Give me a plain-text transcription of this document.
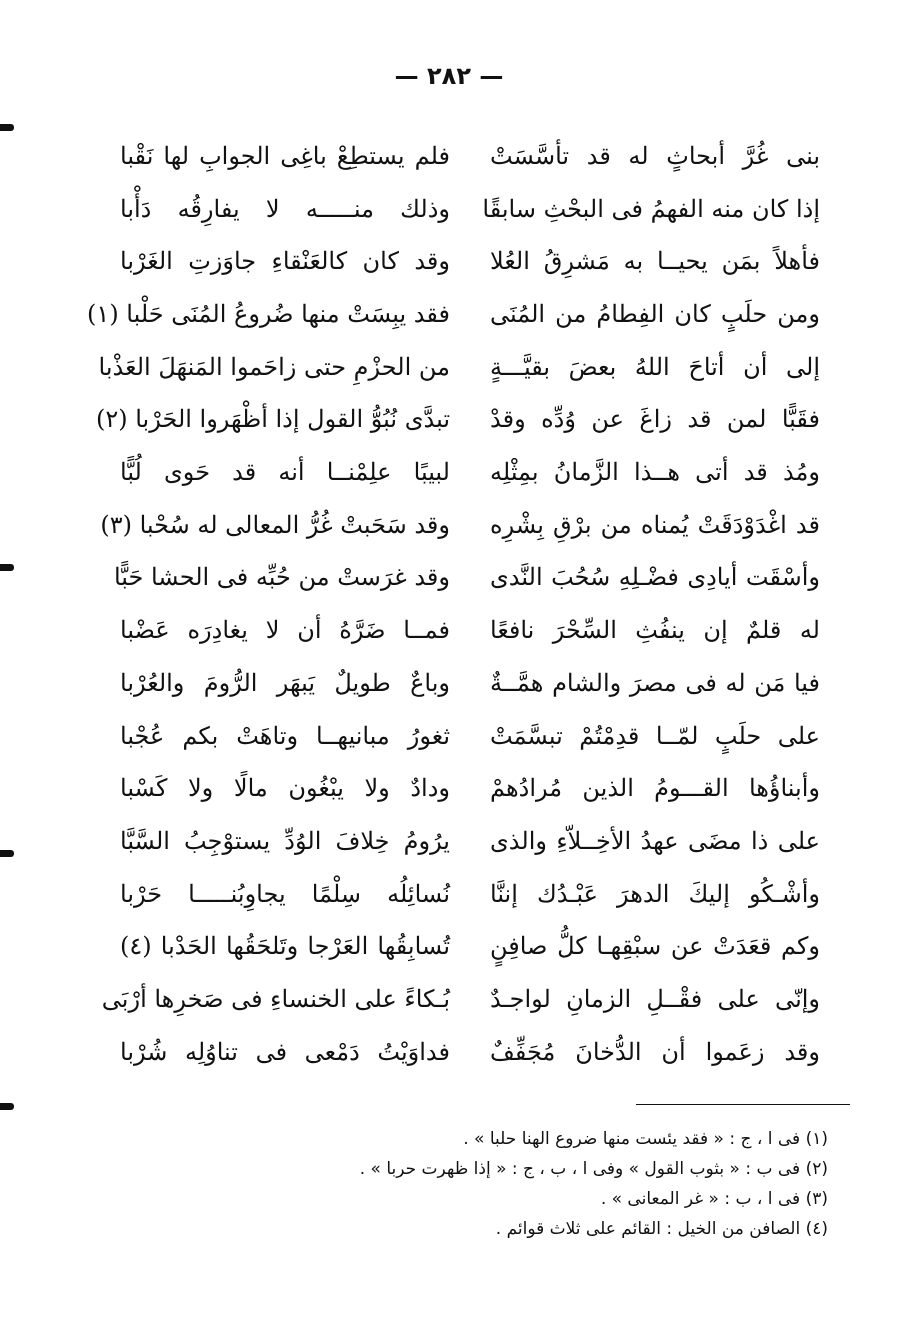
— ٢٨٢ —
بنى غُرَّ أبحاثٍ له قد تأسَّسَتْ
فلم يستطِعْ باغِى الجوابِ لها نَقْبا
إذا كان منه الفهمُ فى البحْثِ سابقًا
وذلك منـــــه لا يفارِقُه دَأْبا
فأهلاً بمَن يحيــا به مَشرِقُ العُلا
وقد كان كالعَنْقاءِ جاوَزتِ الغَرْبا
ومن حلَبٍ كان الفِطامُ من المُنَى
فقد يبِسَتْ منها ضُروعُ المُنَى حَلْبا (١)
إلى أن أتاحَ اللهُ بعضَ بقيَّـــةٍ
من الحزْمِ حتى زاحَموا المَنهَلَ العَذْبا
فقَبًّا لمن قد زاغَ عن وُدِّه وقدْ
تبدَّى نُبُوُّ القول إذا أظْهَروا الحَرْبا (٢)
ومُذ قد أتى هــذا الزَّمانُ بمِثْلِه
لبيبًا علِمْنــا أنه قد حَوى لُبًّا
قد اغْدَوْدَقَتْ يُمناه من برْقِ بِشْرِه
وقد سَحَبتْ غُرُّ المعالى له سُحْبا (٣)
وأسْقَت أيادِى فضْـلِهِ سُحُبَ النَّدى
وقد غرَستْ من حُبِّه فى الحشا حَبًّا
له قلمٌ إن ينفُثِ السِّحْرَ نافعًا
فمــا ضَرَّهُ أن لا يغادِرَه عَضْبا
فيا مَن له فى مصرَ والشام همَّــةٌ
وباعٌ طويلٌ يَبهَر الرُّومَ والعُرْبا
على حلَبٍ لمّــا قدِمْتُمْ تبسَّمَتْ
ثغورُ مبانيهــا وتاهَتْ بكم عُجْبا
وأبناؤُها القـــومُ الذين مُرادُهمْ
ودادٌ ولا يبْغُون مالًا ولا كَسْبا
على ذا مضَى عهدُ الأخِــلاّءِ والذى
يرُومُ خِلافَ الوُدِّ يستوْجِبُ السَّبَّا
وأشْـكُو إليكَ الدهرَ عَبْـدُك إننَّا
نُسائِلُه سِلْمًا يجاوِبُنـــــا حَرْبا
وكم قعَدَتْ عن سبْقِهـا كلُّ صافِنٍ
تُسابِقُها العَرْجا وتَلحَقُها الحَدْبا (٤)
وإنّى على فقْــلِ الزمانِ لواجـدٌ
بُـكاءً على الخنساءِ فى صَخرِها أرْبَى
وقد زعَموا أن الدُّخانَ مُجَفِّفٌ
فداوَيْتُ دَمْعى فى تناوُلِه شُرْبا
(١) فى ا ، ج : « فقد يئست منها ضروع الهنا حلبا » .
(٢) فى ب : « بثوب القول » وفى ا ، ب ، ج : « إذا ظهرت حربا » .
(٣) فى ا ، ب : « غر المعانى » .
(٤) الصافن من الخيل : القائم على ثلاث قوائم .
